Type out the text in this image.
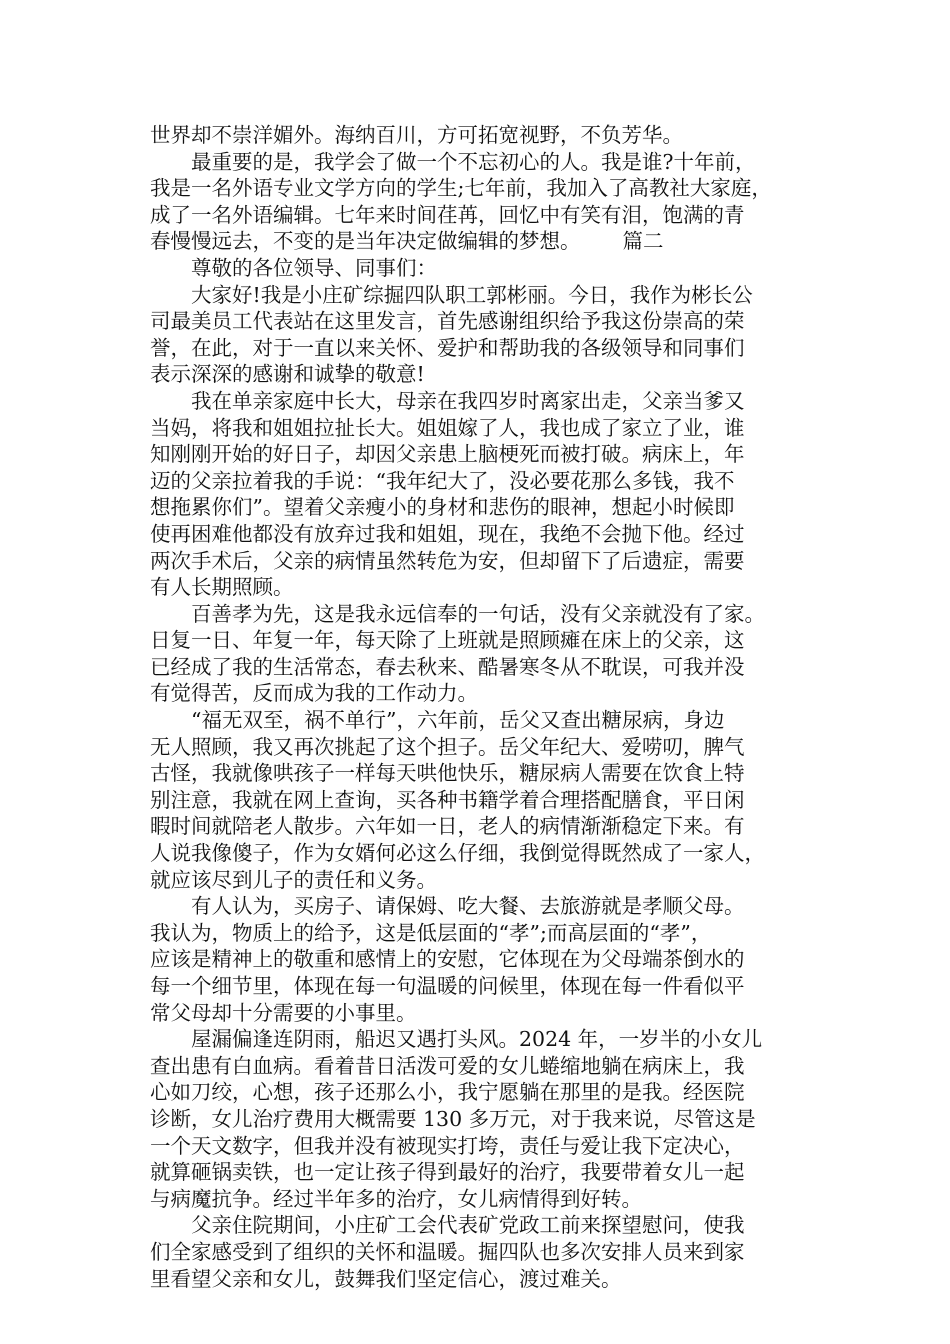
世界却不崇洋媚外。海纳百川，方可拓宽视野，不负芳华。
最重要的是，我学会了做一个不忘初心的人。我是谁?十年前，
我是一名外语专业文学方向的学生;七年前，我加入了高教社大家庭，
成了一名外语编辑。七年来时间荏苒，回忆中有笑有泪，饱满的青
春慢慢远去，不变的是当年决定做编辑的梦想。 篇二
尊敬的各位领导、同事们：
大家好!我是小庄矿综掘四队职工郭彬丽。今日，我作为彬长公
司最美员工代表站在这里发言，首先感谢组织给予我这份崇高的荣
誉，在此，对于一直以来关怀、爱护和帮助我的各级领导和同事们
表示深深的感谢和诚挚的敬意!
我在单亲家庭中长大，母亲在我四岁时离家出走，父亲当爹又
当妈，将我和姐姐拉扯长大。姐姐嫁了人，我也成了家立了业，谁
知刚刚开始的好日子，却因父亲患上脑梗死而被打破。病床上，年
迈的父亲拉着我的手说：“我年纪大了，没必要花那么多钱，我不
想拖累你们”。望着父亲瘦小的身材和悲伤的眼神，想起小时候即
使再困难他都没有放弃过我和姐姐，现在，我绝不会抛下他。经过
两次手术后，父亲的病情虽然转危为安，但却留下了后遗症，需要
有人长期照顾。
百善孝为先，这是我永远信奉的一句话，没有父亲就没有了家。
日复一日、年复一年，每天除了上班就是照顾瘫在床上的父亲，这
已经成了我的生活常态，春去秋来、酷暑寒冬从不耽误，可我并没
有觉得苦，反而成为我的工作动力。
“福无双至，祸不单行”，六年前，岳父又查出糖尿病，身边
无人照顾，我又再次挑起了这个担子。岳父年纪大、爱唠叨，脾气
古怪，我就像哄孩子一样每天哄他快乐，糖尿病人需要在饮食上特
别注意，我就在网上查询，买各种书籍学着合理搭配膳食，平日闲
暇时间就陪老人散步。六年如一日，老人的病情渐渐稳定下来。有
人说我像傻子，作为女婿何必这么仔细，我倒觉得既然成了一家人，
就应该尽到儿子的责任和义务。
有人认为，买房子、请保姆、吃大餐、去旅游就是孝顺父母。
我认为，物质上的给予，这是低层面的“孝”;而高层面的“孝”，
应该是精神上的敬重和感情上的安慰，它体现在为父母端茶倒水的
每一个细节里，体现在每一句温暖的问候里，体现在每一件看似平
常父母却十分需要的小事里。
屋漏偏逢连阴雨，船迟又遇打头风。2024 年，一岁半的小女儿
查出患有白血病。看着昔日活泼可爱的女儿蜷缩地躺在病床上，我
心如刀绞，心想，孩子还那么小，我宁愿躺在那里的是我。经医院
诊断，女儿治疗费用大概需要 130 多万元，对于我来说，尽管这是
一个天文数字，但我并没有被现实打垮，责任与爱让我下定决心，
就算砸锅卖铁，也一定让孩子得到最好的治疗，我要带着女儿一起
与病魔抗争。经过半年多的治疗，女儿病情得到好转。
父亲住院期间，小庄矿工会代表矿党政工前来探望慰问，使我
们全家感受到了组织的关怀和温暖。掘四队也多次安排人员来到家
里看望父亲和女儿，鼓舞我们坚定信心，渡过难关。
